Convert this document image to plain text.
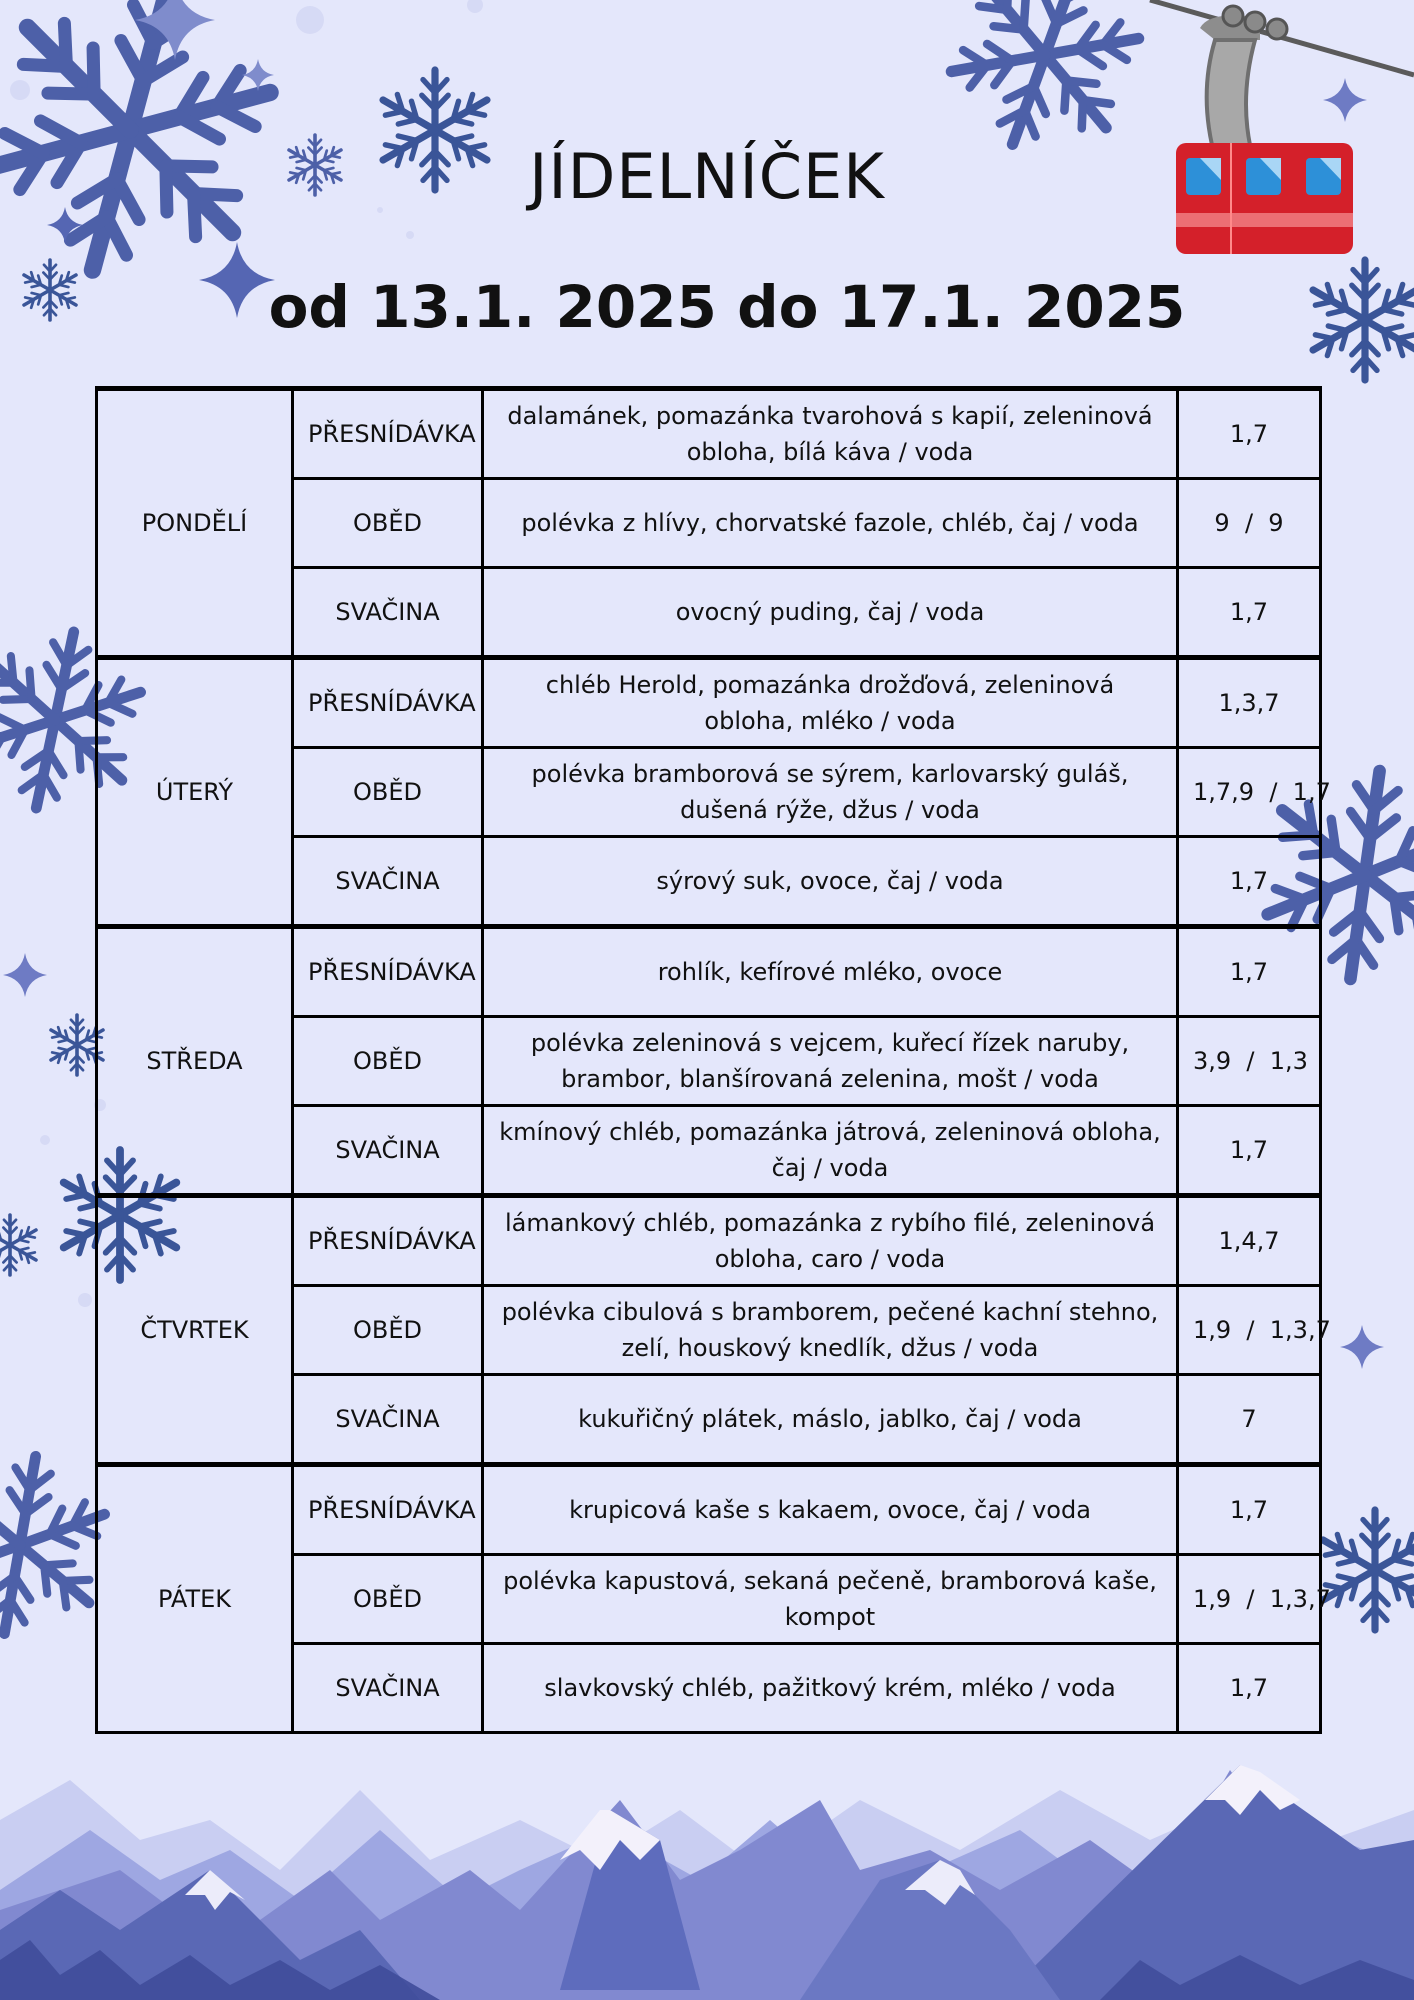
JÍDELNÍČEK
od 13.1. 2025 do 17.1. 2025
PONDĚLÍ	PŘESNÍDÁVKA	dalamánek, pomazánka tvarohová s kapií, zeleninová obloha, bílá káva / voda	1,7
	OBĚD	polévka z hlívy, chorvatské fazole, chléb, čaj / voda	9  /  9
	SVAČINA	ovocný puding, čaj / voda	1,7
ÚTERÝ	PŘESNÍDÁVKA	chléb Herold, pomazánka drožďová, zeleninová obloha, mléko / voda	1,3,7
	OBĚD	polévka bramborová se sýrem, karlovarský guláš, dušená rýže, džus / voda	1,7,9  /  1,7
	SVAČINA	sýrový suk, ovoce, čaj / voda	1,7
STŘEDA	PŘESNÍDÁVKA	rohlík, kefírové mléko, ovoce	1,7
	OBĚD	polévka zeleninová s vejcem, kuřecí řízek naruby, brambor, blanšírovaná zelenina, mošt / voda	3,9  /  1,3
	SVAČINA	kmínový chléb, pomazánka játrová, zeleninová obloha, čaj / voda	1,7
ČTVRTEK	PŘESNÍDÁVKA	lámankový chléb, pomazánka z rybího filé, zeleninová obloha, caro / voda	1,4,7
	OBĚD	polévka cibulová s bramborem, pečené kachní stehno, zelí, houskový knedlík, džus / voda	1,9  /  1,3,7
	SVAČINA	kukuřičný plátek, máslo, jablko, čaj / voda	7
PÁTEK	PŘESNÍDÁVKA	krupicová kaše s kakaem, ovoce, čaj / voda	1,7
	OBĚD	polévka kapustová, sekaná pečeně, bramborová kaše, kompot	1,9  /  1,3,7
	SVAČINA	slavkovský chléb, pažitkový krém, mléko / voda	1,7
